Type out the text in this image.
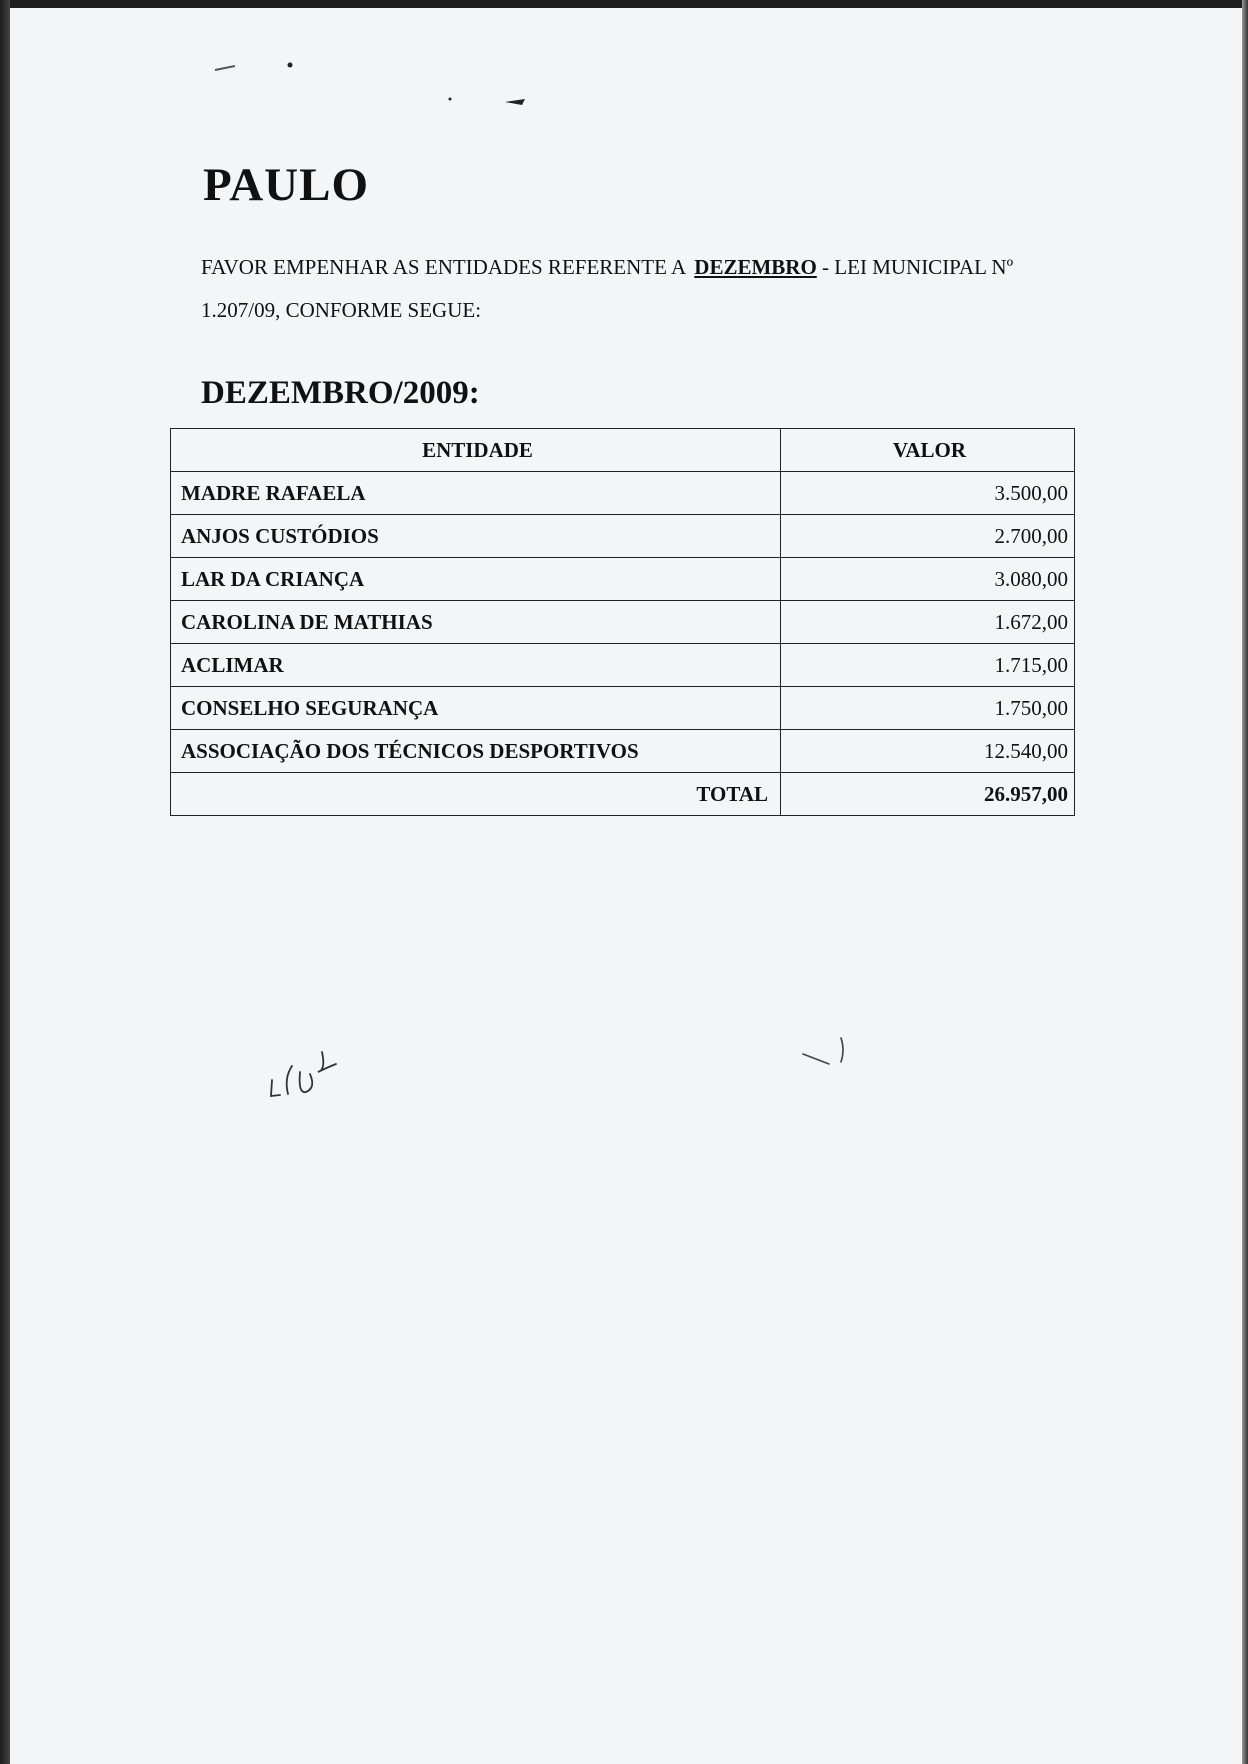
PAULO

FAVOR EMPENHAR AS ENTIDADES REFERENTE A DEZEMBRO - LEI MUNICIPAL Nº 1.207/09, CONFORME SEGUE:

DEZEMBRO/2009:
ENTIDADE	VALOR
MADRE RAFAELA	3.500,00
ANJOS CUSTÓDIOS	2.700,00
LAR DA CRIANÇA	3.080,00
CAROLINA DE MATHIAS	1.672,00
ACLIMAR	1.715,00
CONSELHO SEGURANÇA	1.750,00
ASSOCIAÇÃO DOS TÉCNICOS DESPORTIVOS	12.540,00
TOTAL	26.957,00
